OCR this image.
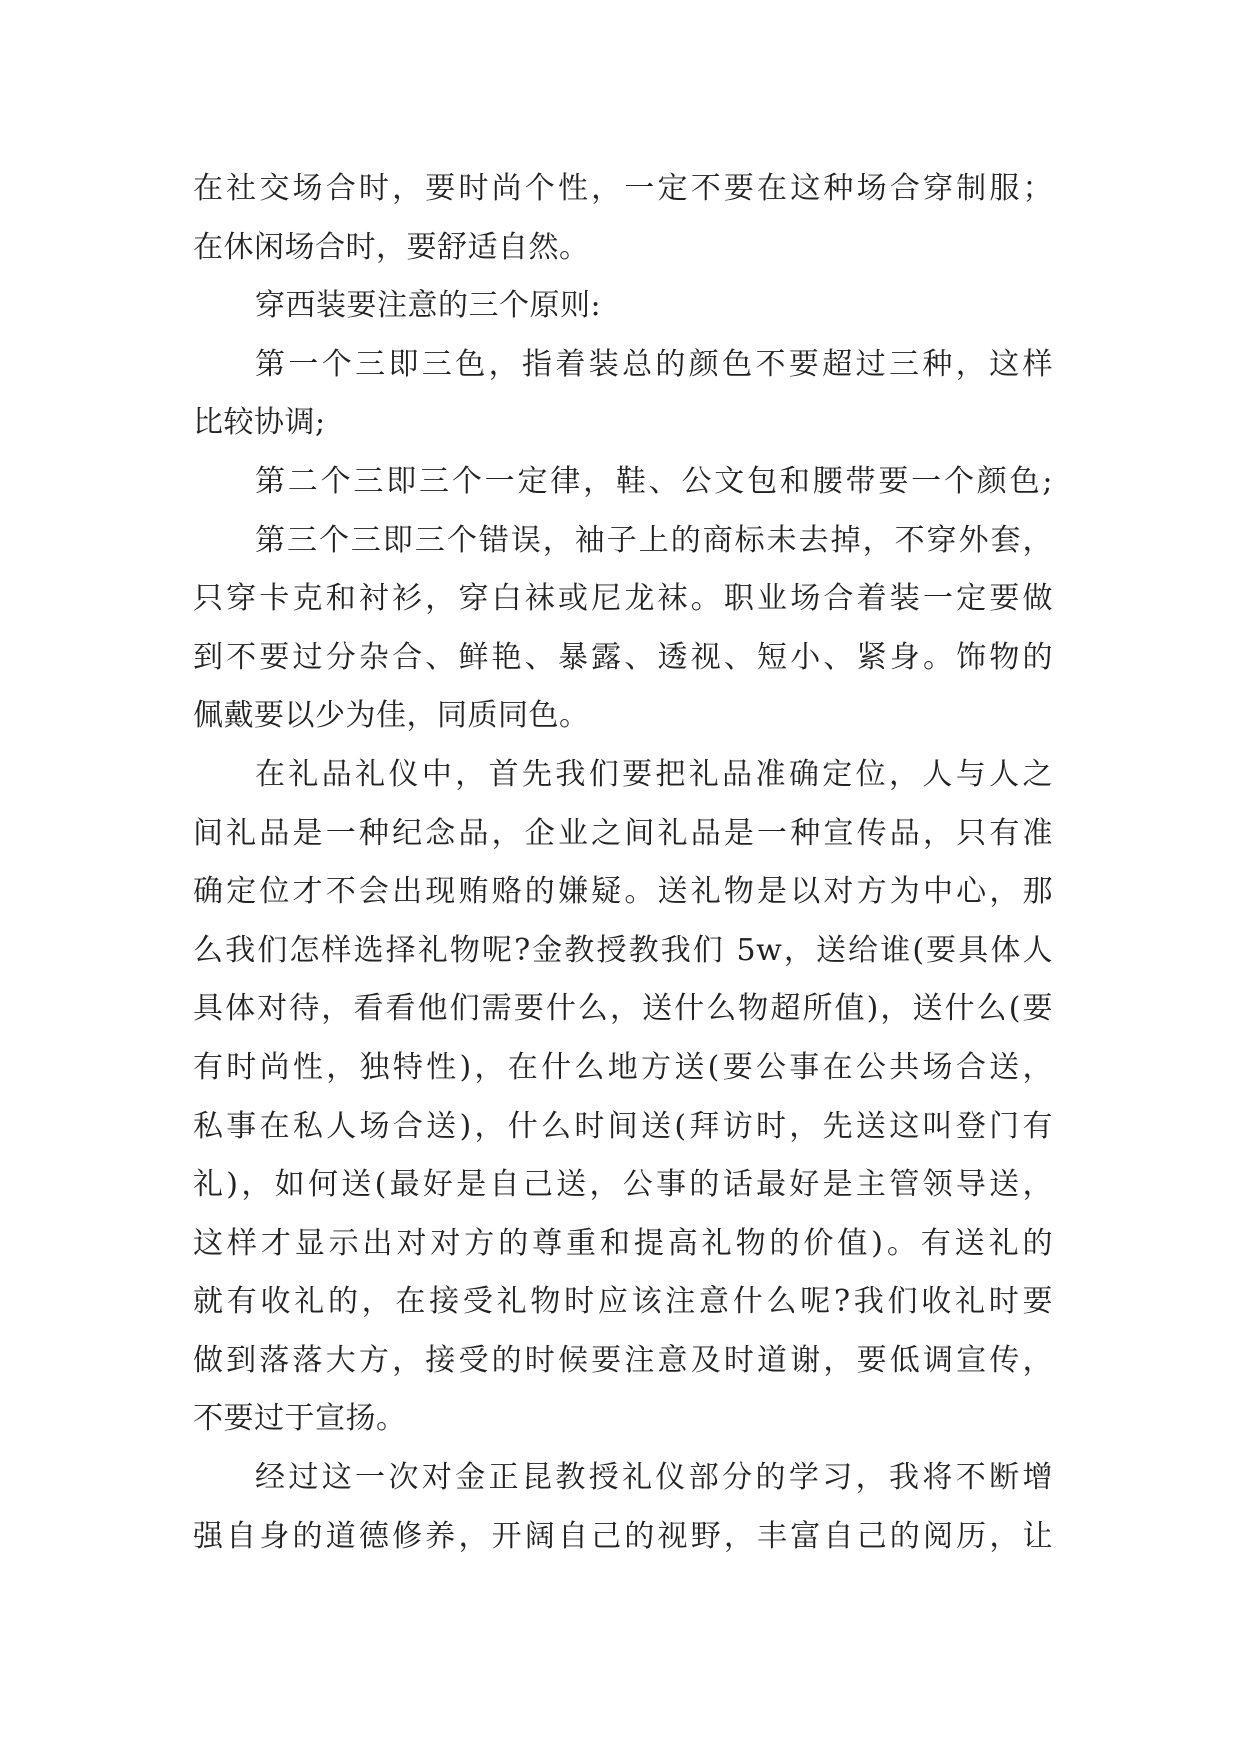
在社交场合时，要时尚个性，一定不要在这种场合穿制服；
在休闲场合时，要舒适自然。
穿西装要注意的三个原则:
第一个三即三色，指着装总的颜色不要超过三种，这样
比较协调;
第二个三即三个一定律，鞋、公文包和腰带要一个颜色;
第三个三即三个错误，袖子上的商标未去掉，不穿外套，
只穿卡克和衬衫，穿白袜或尼龙袜。职业场合着装一定要做
到不要过分杂合、鲜艳、暴露、透视、短小、紧身。饰物的
佩戴要以少为佳，同质同色。
在礼品礼仪中，首先我们要把礼品准确定位，人与人之
间礼品是一种纪念品，企业之间礼品是一种宣传品，只有准
确定位才不会出现贿赂的嫌疑。送礼物是以对方为中心，那
么我们怎样选择礼物呢?金教授教我们 5w，送给谁(要具体人
具体对待，看看他们需要什么，送什么物超所值)，送什么(要
有时尚性，独特性)，在什么地方送(要公事在公共场合送，
私事在私人场合送)，什么时间送(拜访时，先送这叫登门有
礼)，如何送(最好是自己送，公事的话最好是主管领导送，
这样才显示出对对方的尊重和提高礼物的价值)。有送礼的
就有收礼的，在接受礼物时应该注意什么呢?我们收礼时要
做到落落大方，接受的时候要注意及时道谢，要低调宣传，
不要过于宣扬。
经过这一次对金正昆教授礼仪部分的学习，我将不断增
强自身的道德修养，开阔自己的视野，丰富自己的阅历，让
